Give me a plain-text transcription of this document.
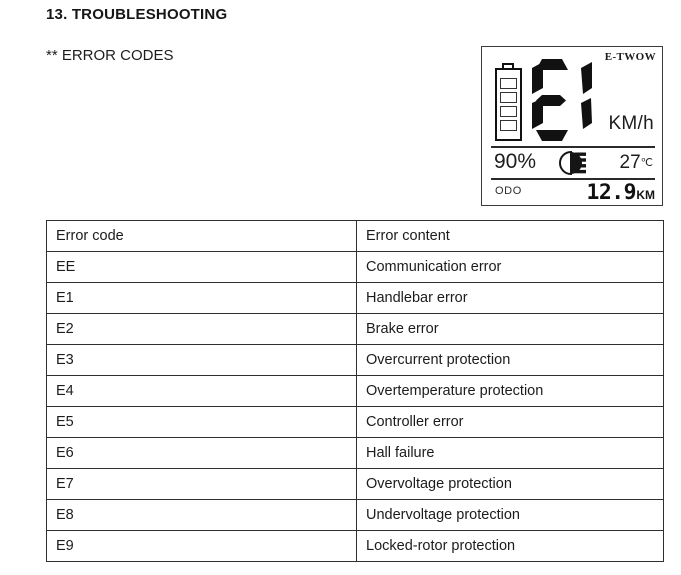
13. TROUBLESHOOTING
** ERROR CODES	E-TWOW
KM/h
90%	27℃
ODO	12.9 KM
Error code	Error content
EE	Communication error
E1	Handlebar error
E2	Brake error
E3	Overcurrent protection
E4	Overtemperature protection
E5	Controller error
E6	Hall failure
E7	Overvoltage protection
E8	Undervoltage protection
E9	Locked-rotor protection
